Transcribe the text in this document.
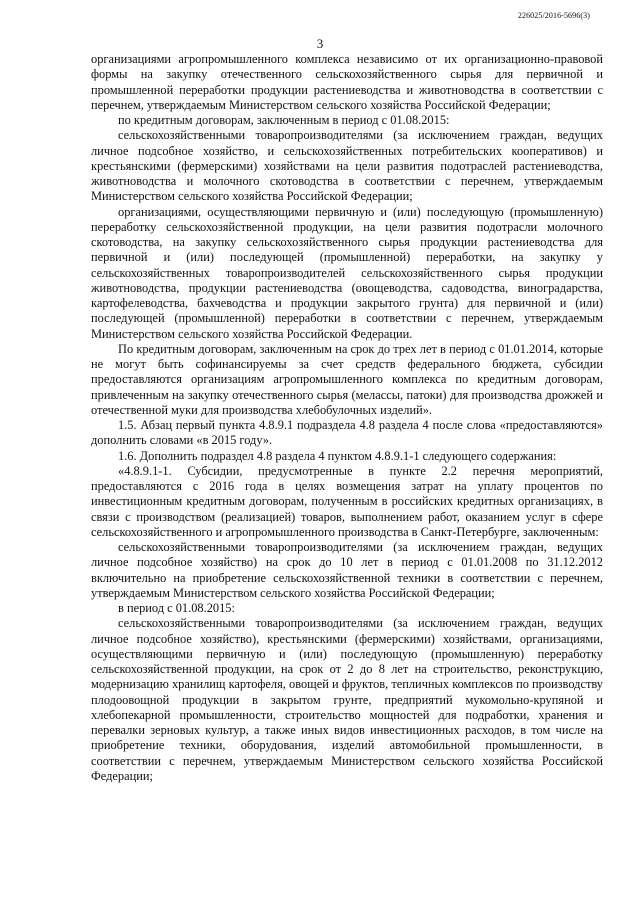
226025/2016-5696(3)
3

организациями агропромышленного комплекса независимо от их организационно-правовой формы на закупку отечественного сельскохозяйственного сырья для первичной и промышленной переработки продукции растениеводства и животноводства в соответствии с перечнем, утверждаемым Министерством сельского хозяйства Российской Федерации;

по кредитным договорам, заключенным в период с 01.08.2015:

сельскохозяйственными товаропроизводителями (за исключением граждан, ведущих личное подсобное хозяйство, и сельскохозяйственных потребительских кооперативов) и крестьянскими (фермерскими) хозяйствами на цели развития подотраслей растениеводства, животноводства и молочного скотоводства в соответствии с перечнем, утверждаемым Министерством сельского хозяйства Российской Федерации;

организациями, осуществляющими первичную и (или) последующую (промышленную) переработку сельскохозяйственной продукции, на цели развития подотрасли молочного скотоводства, на закупку сельскохозяйственного сырья продукции растениеводства для первичной и (или) последующей (промышленной) переработки, на закупку у сельскохозяйственных товаропроизводителей сельскохозяйственного сырья продукции животноводства, продукции растениеводства (овощеводства, садоводства, виноградарства, картофелеводства, бахчеводства и продукции закрытого грунта) для первичной и (или) последующей (промышленной) переработки в соответствии с перечнем, утверждаемым Министерством сельского хозяйства Российской Федерации.

По кредитным договорам, заключенным на срок до трех лет в период с 01.01.2014, которые не могут быть софинансируемы за счет средств федерального бюджета, субсидии предоставляются организациям агропромышленного комплекса по кредитным договорам, привлеченным на закупку отечественного сырья (мелассы, патоки) для производства дрожжей и отечественной муки для производства хлебобулочных изделий».

1.5. Абзац первый пункта 4.8.9.1 подраздела 4.8 раздела 4 после слова «предоставляются» дополнить словами «в 2015 году».

1.6. Дополнить подраздел 4.8 раздела 4 пунктом 4.8.9.1-1 следующего содержания:

«4.8.9.1-1. Субсидии, предусмотренные в пункте 2.2 перечня мероприятий, предоставляются с 2016 года в целях возмещения затрат на уплату процентов по инвестиционным кредитным договорам, полученным в российских кредитных организациях, в связи с производством (реализацией) товаров, выполнением работ, оказанием услуг в сфере сельскохозяйственного и агропромышленного производства в Санкт-Петербурге, заключенным:

сельскохозяйственными товаропроизводителями (за исключением граждан, ведущих личное подсобное хозяйство) на срок до 10 лет в период с 01.01.2008 по 31.12.2012 включительно на приобретение сельскохозяйственной техники в соответствии с перечнем, утверждаемым Министерством сельского хозяйства Российской Федерации;

в период с 01.08.2015:

сельскохозяйственными товаропроизводителями (за исключением граждан, ведущих личное подсобное хозяйство), крестьянскими (фермерскими) хозяйствами, организациями, осуществляющими первичную и (или) последующую (промышленную) переработку сельскохозяйственной продукции, на срок от 2 до 8 лет на строительство, реконструкцию, модернизацию хранилищ картофеля, овощей и фруктов, тепличных комплексов по производству плодоовощной продукции в закрытом грунте, предприятий мукомольно-крупяной и хлебопекарной промышленности, строительство мощностей для подработки, хранения и перевалки зерновых культур, а также иных видов инвестиционных расходов, в том числе на приобретение техники, оборудования, изделий автомобильной промышленности, в соответствии с перечнем, утверждаемым Министерством сельского хозяйства Российской Федерации;
